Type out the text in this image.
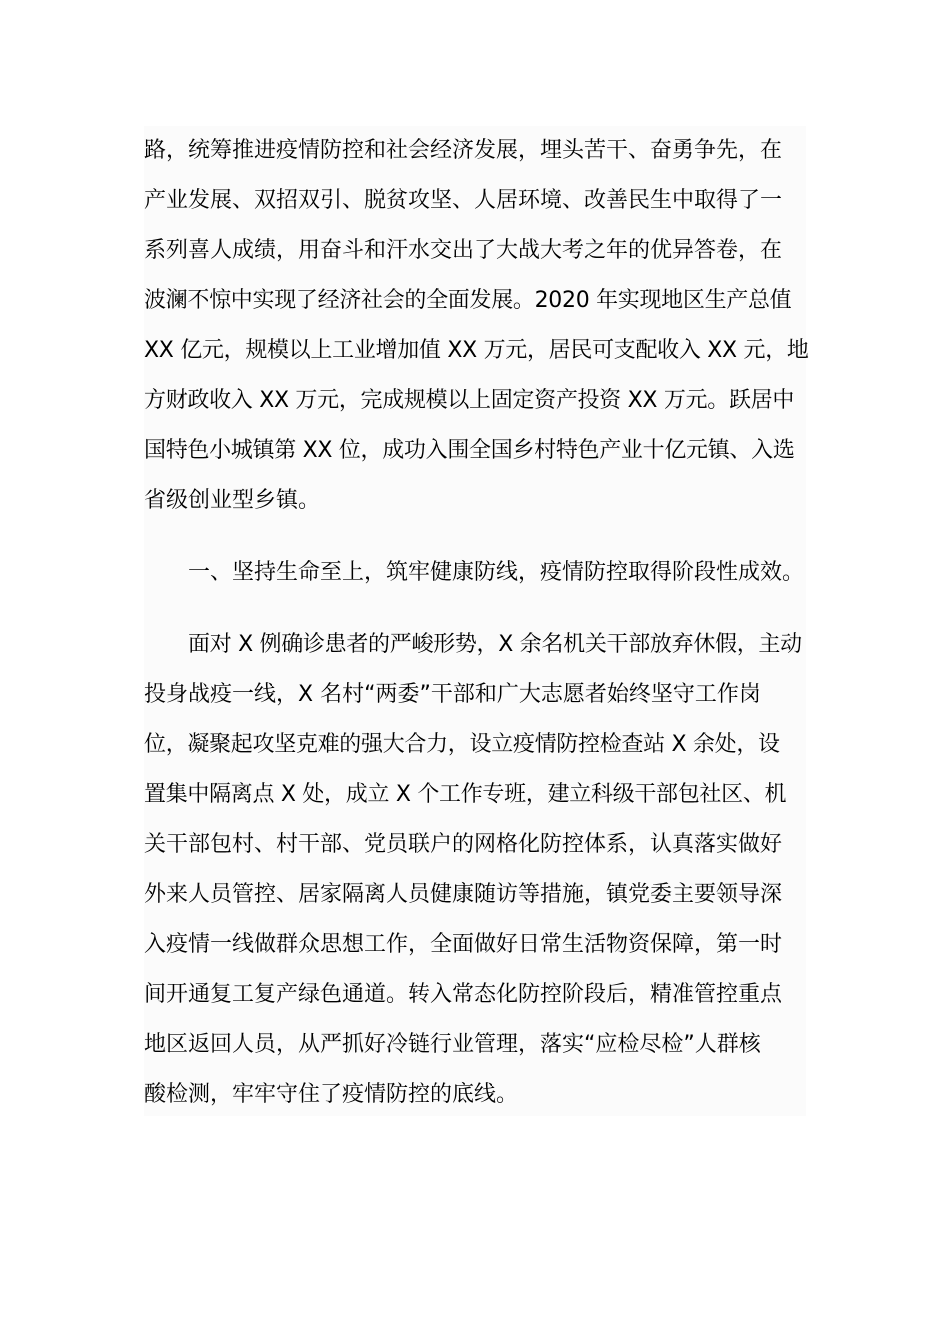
路，统筹推进疫情防控和社会经济发展，埋头苦干、奋勇争先，在
产业发展、双招双引、脱贫攻坚、人居环境、改善民生中取得了一
系列喜人成绩，用奋斗和汗水交出了大战大考之年的优异答卷，在
波澜不惊中实现了经济社会的全面发展。2020 年实现地区生产总值
XX 亿元，规模以上工业增加值 XX 万元，居民可支配收入 XX 元，地
方财政收入 XX 万元，完成规模以上固定资产投资 XX 万元。跃居中
国特色小城镇第 XX 位，成功入围全国乡村特色产业十亿元镇、入选
省级创业型乡镇。
一、坚持生命至上，筑牢健康防线，疫情防控取得阶段性成效。
面对 X 例确诊患者的严峻形势，X 余名机关干部放弃休假，主动
投身战疫一线，X 名村“两委”干部和广大志愿者始终坚守工作岗
位，凝聚起攻坚克难的强大合力，设立疫情防控检查站 X 余处，设
置集中隔离点 X 处，成立 X 个工作专班，建立科级干部包社区、机
关干部包村、村干部、党员联户的网格化防控体系，认真落实做好
外来人员管控、居家隔离人员健康随访等措施，镇党委主要领导深
入疫情一线做群众思想工作，全面做好日常生活物资保障，第一时
间开通复工复产绿色通道。转入常态化防控阶段后，精准管控重点
地区返回人员，从严抓好冷链行业管理，落实“应检尽检”人群核
酸检测，牢牢守住了疫情防控的底线。
